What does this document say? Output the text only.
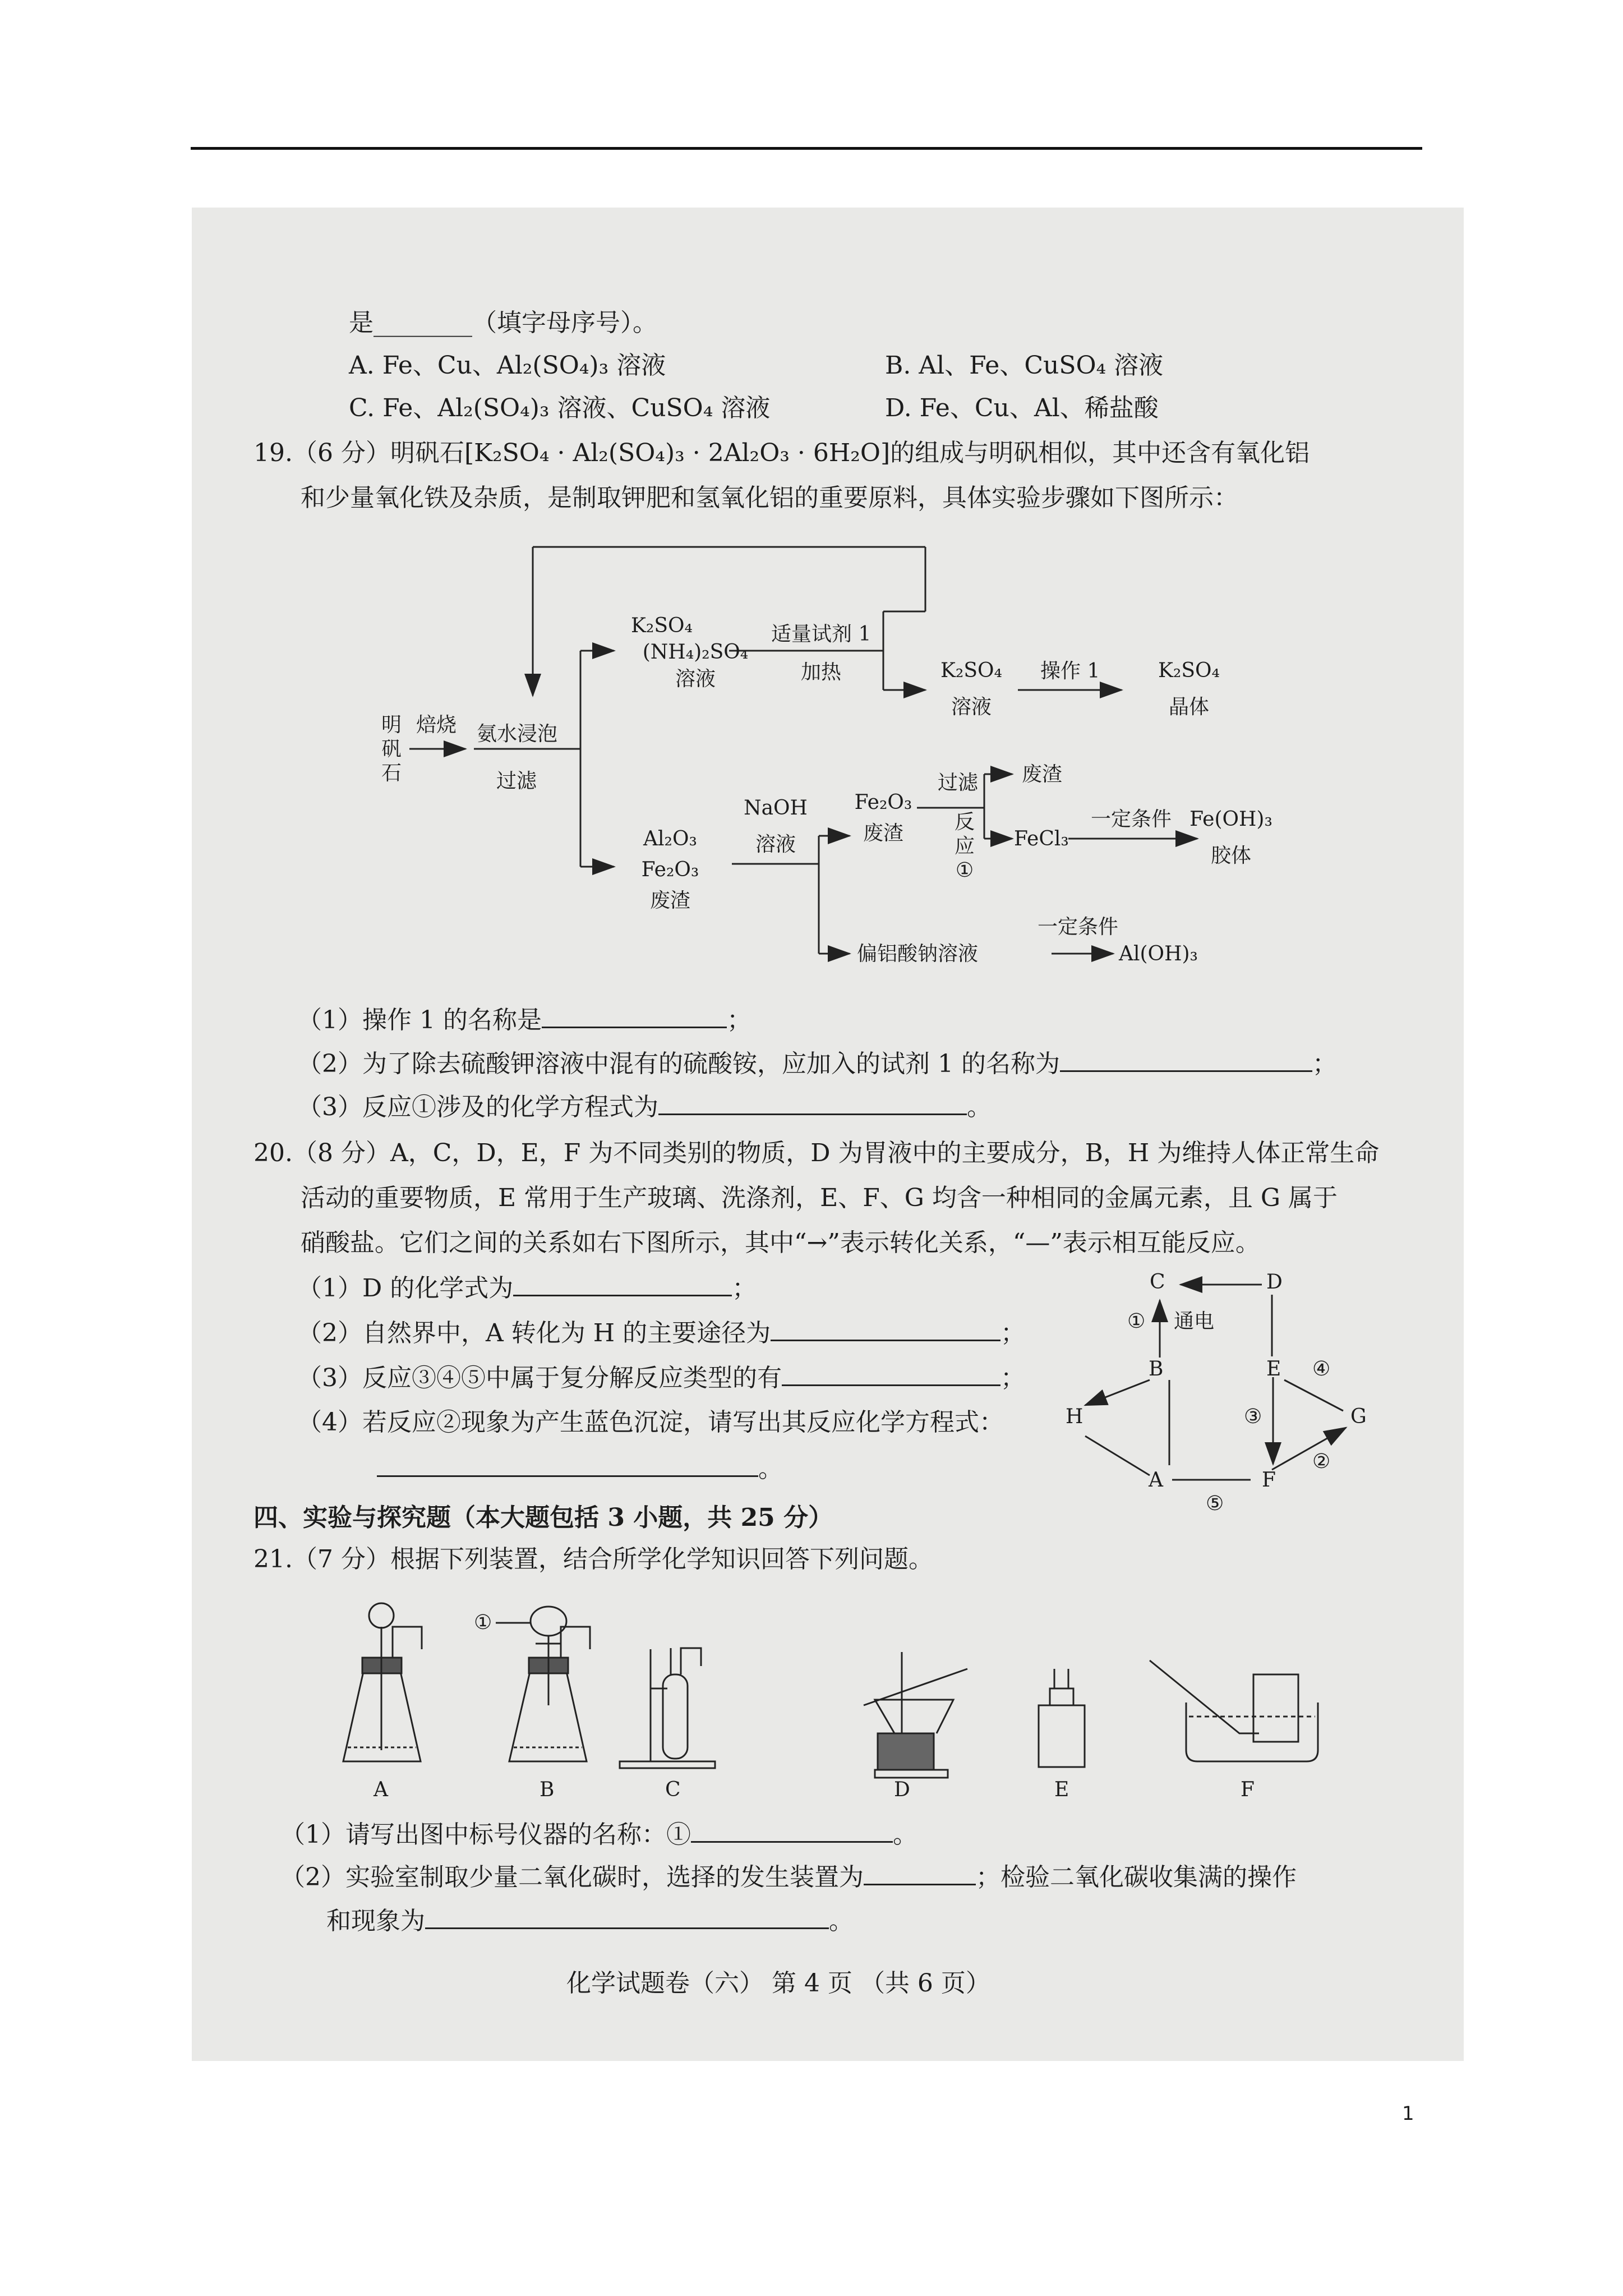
是________（填字母序号）。
A. Fe、Cu、Al₂(SO₄)₃ 溶液	B. Al、Fe、CuSO₄ 溶液
C. Fe、Al₂(SO₄)₃ 溶液、CuSO₄ 溶液	D. Fe、Cu、Al、稀盐酸
19.（6 分）明矾石[K₂SO₄ · Al₂(SO₄)₃ · 2Al₂O₃ · 6H₂O]的组成与明矾相似，其中还含有氧化铝
和少量氧化铁及杂质，是制取钾肥和氢氧化铝的重要原料，具体实验步骤如下图所示：
明
矾
石
焙烧 氨水浸泡
过滤
K₂SO₄
(NH₄)₂SO₄
溶液
适量试剂 1
加热	K₂SO₄
溶液
操作 1	K₂SO₄
晶体
Al₂O₃
Fe₂O₃
废渣
NaOH
溶液
Fe₂O₃
废渣
过滤
反
应
①
废渣
FeCl₃
一定条件 Fe(OH)₃
胶体
偏铝酸钠溶液
一定条件
Al(OH)₃
（1）操作 1 的名称是	；
（2）为了除去硫酸钾溶液中混有的硫酸铵，应加入的试剂 1 的名称为	；
（3）反应①涉及的化学方程式为	。
20.（8 分）A，C，D，E，F 为不同类别的物质，D 为胃液中的主要成分，B，H 为维持人体正常生命
活动的重要物质，E 常用于生产玻璃、洗涤剂，E、F、G 均含一种相同的金属元素，且 G 属于
硝酸盐。它们之间的关系如右下图所示，其中“→”表示转化关系，“—”表示相互能反应。
（1）D 的化学式为	；
（2）自然界中，A 转化为 H 的主要途径为	；
（3）反应③④⑤中属于复分解反应类型的有	；
（4）若反应②现象为产生蓝色沉淀，请写出其反应化学方程式：
。
C	D
① 通电
B	E ④
H	③	G
②
A	F
⑤
四、实验与探究题（本大题包括 3 小题，共 25 分）
21.（7 分）根据下列装置，结合所学化学知识回答下列问题。
①
A	B	C	D	E	F
（1）请写出图中标号仪器的名称：①	。
（2）实验室制取少量二氧化碳时，选择的发生装置为	；检验二氧化碳收集满的操作
和现象为	。
化学试题卷（六） 第 4 页 （共 6 页）
1
